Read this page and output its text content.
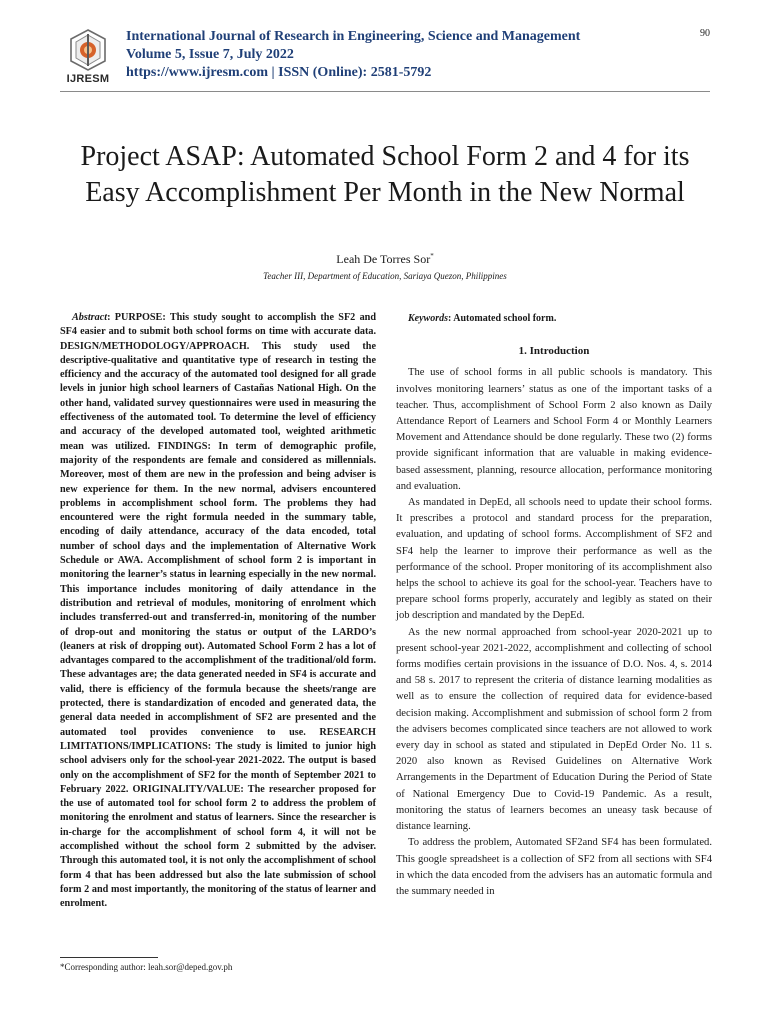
IJRESM
International Journal of Research in Engineering, Science and Management
Volume 5, Issue 7, July 2022
https://www.ijresm.com | ISSN (Online): 2581-5792
90
Project ASAP: Automated School Form 2 and 4 for its Easy Accomplishment Per Month in the New Normal
Leah De Torres Sor*
Teacher III, Department of Education, Sariaya Quezon, Philippines

Abstract: PURPOSE: This study sought to accomplish the SF2 and SF4 easier and to submit both school forms on time with accurate data. DESIGN/METHODOLOGY/APPROACH. This study used the descriptive-qualitative and quantitative type of research in testing the efficiency and the accuracy of the automated tool designed for all grade levels in junior high school learners of Castañas National High. On the other hand, validated survey questionnaires were used in measuring the effectiveness of the automated tool. To determine the level of efficiency and accuracy of the developed automated tool, weighted arithmetic mean was utilized. FINDINGS: In term of demographic profile, majority of the respondents are female and considered as millennials. Moreover, most of them are new in the profession and being adviser is new experience for them. In the new normal, advisers encountered problems in accomplishment school form. The problems they had encountered were the right formula needed in the summary table, encoding of daily attendance, accuracy of the data encoded, total number of school days and the implementation of Alternative Work Schedule or AWA. Accomplishment of school form 2 is important in monitoring the learner’s status in learning especially in the new normal. This importance includes monitoring of daily attendance in the distribution and retrieval of modules, monitoring of enrolment which includes transferred-out and transferred-in, monitoring of the number of drop-out and monitoring the status or output of the LARDO’s (leaners at risk of dropping out). Automated School Form 2 has a lot of advantages compared to the accomplishment of the traditional/old form. These advantages are; the data generated needed in SF4 is accurate and valid, there is efficiency of the formula because the sheets/range are protected, there is standardization of encoded and generated data, the general data needed in accomplishment of SF2 are presented and the automated tool provides convenience to use. RESEARCH LIMITATIONS/IMPLICATIONS: The study is limited to junior high school advisers only for the school-year 2021-2022. The output is based only on the accomplishment of SF2 for the month of September 2021 to February 2022. ORIGINALITY/VALUE: The researcher proposed for the use of automated tool for school form 2 to address the problem of monitoring the enrolment and status of learners. Since the researcher is in-charge for the accomplishment of school form 4, it will not be accomplished without the school form 2 submitted by the adviser. Through this automated tool, it is not only the accomplishment of school form 4 that has been addressed but also the late submission of school form 2 and most importantly, the monitoring of the status of learner and enrolment.

Keywords: Automated school form.

1. Introduction

The use of school forms in all public schools is mandatory. This involves monitoring learners’ status as one of the important tasks of a teacher. Thus, accomplishment of School Form 2 also known as Daily Attendance Report of Learners and School Form 4 or Monthly Learners Movement and Attendance should be done regularly. These two (2) forms provide significant information that are valuable in making evidence-based assessment, planning, resource allocation, performance monitoring and evaluation.

As mandated in DepEd, all schools need to update their school forms. It prescribes a protocol and standard process for the preparation, evaluation, and updating of school forms. Accomplishment of SF2 and SF4 help the learner to improve their performance as well as the performance of the school. Proper monitoring of its accomplishment also helps the school to achieve its goal for the school-year. Teachers have to prepare school forms properly, accurately and legibly as stated on their job description and mandated by the DepEd.

As the new normal approached from school-year 2020-2021 up to present school-year 2021-2022, accomplishment and collecting of school forms modifies certain provisions in the issuance of D.O. Nos. 4, s. 2014 and 58 s. 2017 to represent the criteria of distance learning modalities as well as to ensure the collection of required data for evidence-based decision making. Accomplishment and submission of school form 2 from the advisers becomes complicated since teachers are not allowed to work every day in school as stated and stipulated in DepEd Order No. 11 s. 2020 also known as Revised Guidelines on Alternative Work Arrangements in the Department of Education During the Period of State of National Emergency Due to Covid-19 Pandemic. As a result, monitoring the status of learners becomes an uneasy task because of distance learning.

To address the problem, Automated SF2and SF4 has been formulated. This google spreadsheet is a collection of SF2 from all sections with SF4 in which the data encoded from the advisers has an automatic formula and the summary needed in

*Corresponding author: leah.sor@deped.gov.ph
